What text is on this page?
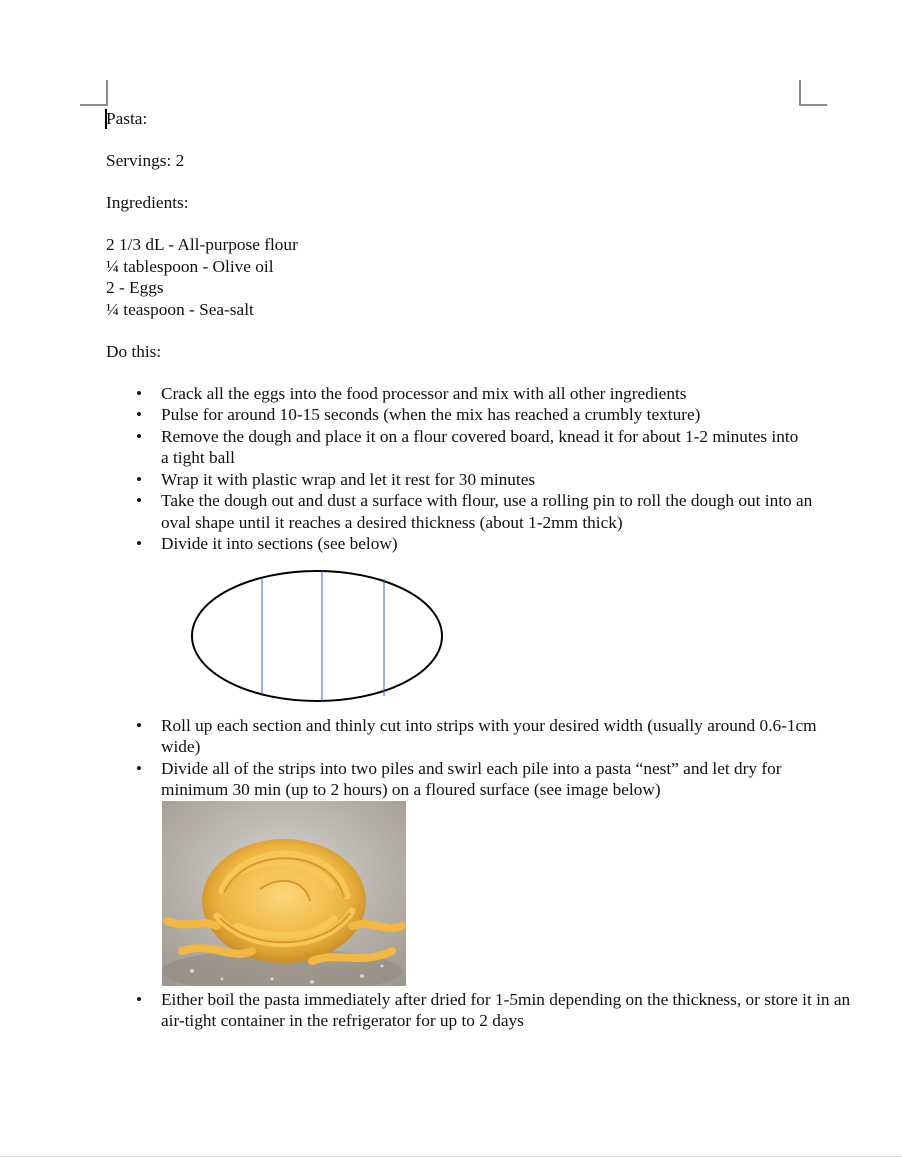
Pasta:

Servings: 2

Ingredients:

2 1/3 dL - All-purpose flour

¼ tablespoon - Olive oil

2 - Eggs

¼ teaspoon - Sea-salt

Do this:

• Crack all the eggs into the food processor and mix with all other ingredients
• Pulse for around 10-15 seconds (when the mix has reached a crumbly texture)
• Remove the dough and place it on a flour covered board, knead it for about 1-2 minutes into a tight ball
• Wrap it with plastic wrap and let it rest for 30 minutes
• Take the dough out and dust a surface with flour, use a rolling pin to roll the dough out into an oval shape until it reaches a desired thickness (about 1-2mm thick)
• Divide it into sections (see below)
• Roll up each section and thinly cut into strips with your desired width (usually around 0.6-1cm wide)
• Divide all of the strips into two piles and swirl each pile into a pasta “nest” and let dry for minimum 30 min (up to 2 hours) on a floured surface (see image below)
• Either boil the pasta immediately after dried for 1-5min depending on the thickness, or store it in an air-tight container in the refrigerator for up to 2 days
